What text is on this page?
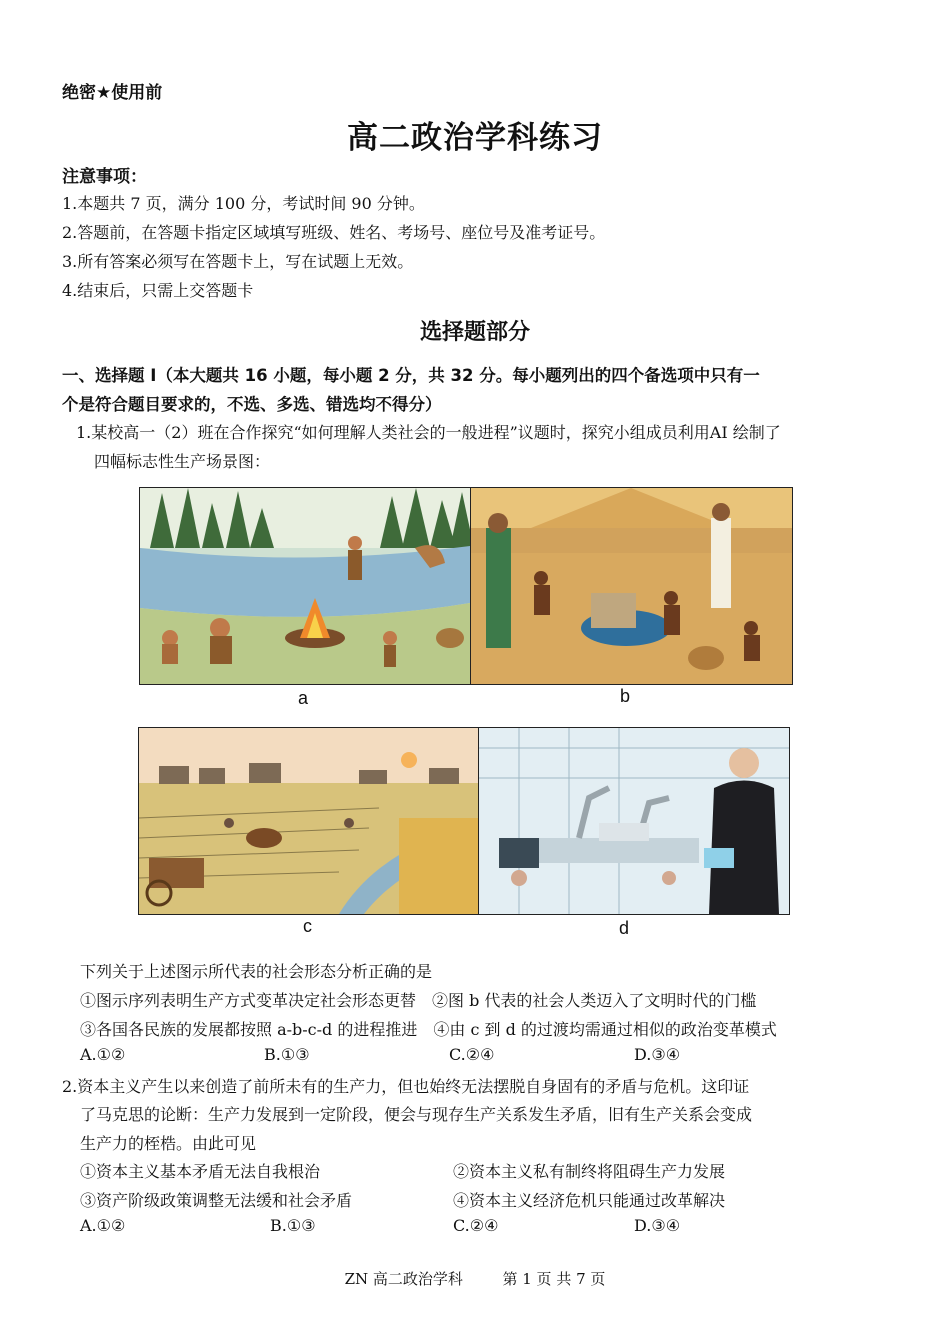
绝密★使用前
高二政治学科练习
注意事项：
1.本题共 7 页，满分 100 分，考试时间 90 分钟。
2.答题前，在答题卡指定区域填写班级、姓名、考场号、座位号及准考证号。
3.所有答案必须写在答题卡上，写在试题上无效。
4.结束后，只需上交答题卡
选择题部分
一、选择题 Ⅰ（本大题共 16 小题，每小题 2 分，共 32 分。每小题列出的四个备选项中只有一
个是符合题目要求的，不选、多选、错选均不得分）
1.某校高一（2）班在合作探究“如何理解人类社会的一般进程”议题时，探究小组成员利用AI 绘制了
四幅标志性生产场景图：
a	b
c	d
下列关于上述图示所代表的社会形态分析正确的是
①图示序列表明生产方式变革决定社会形态更替　②图 b 代表的社会人类迈入了文明时代的门槛
③各国各民族的发展都按照 a-b-c-d 的进程推进　④由 c 到 d 的过渡均需通过相似的政治变革模式
A.①②	B.①③	C.②④	D.③④
2.资本主义产生以来创造了前所未有的生产力，但也始终无法摆脱自身固有的矛盾与危机。这印证
了马克思的论断：生产力发展到一定阶段，便会与现存生产关系发生矛盾，旧有生产关系会变成
生产力的桎梏。由此可见
①资本主义基本矛盾无法自我根治	②资本主义私有制终将阻碍生产力发展
③资产阶级政策调整无法缓和社会矛盾	④资本主义经济危机只能通过改革解决
A.①②	B.①③	C.②④	D.③④
ZN 高二政治学科	第 1 页 共 7 页
